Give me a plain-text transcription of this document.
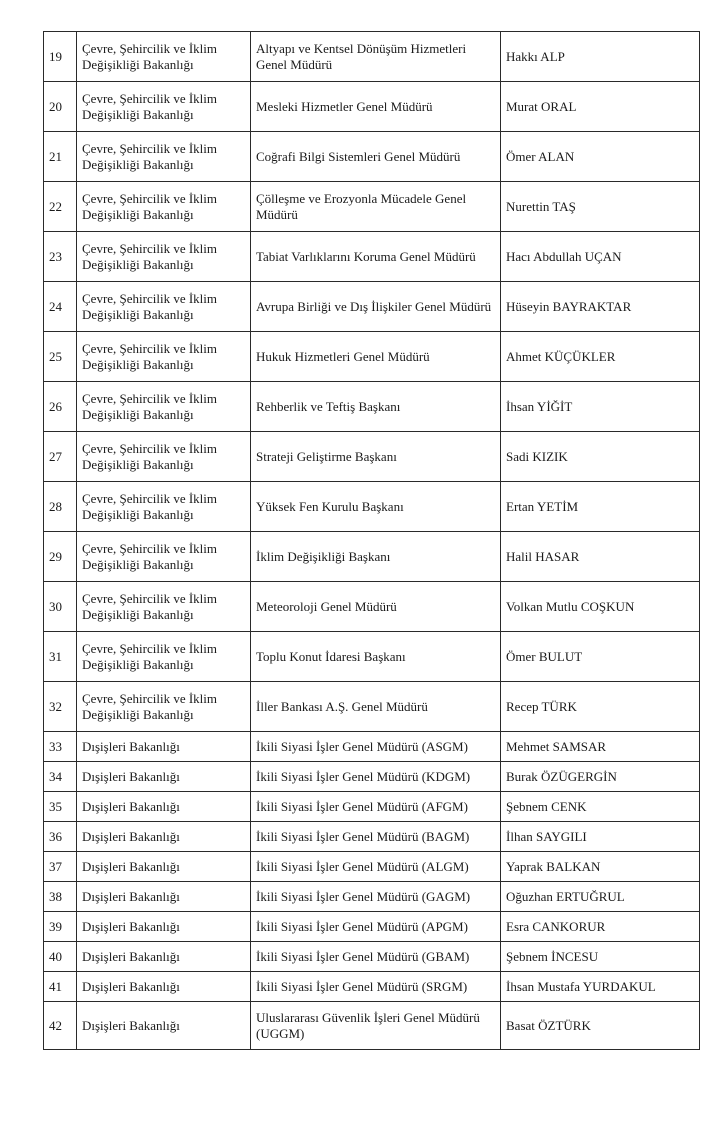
19	Çevre, Şehircilik ve İklim Değişikliği Bakanlığı	Altyapı ve Kentsel Dönüşüm Hizmetleri Genel Müdürü	Hakkı ALP
20	Çevre, Şehircilik ve İklim Değişikliği Bakanlığı	Mesleki Hizmetler Genel Müdürü	Murat ORAL
21	Çevre, Şehircilik ve İklim Değişikliği Bakanlığı	Coğrafi Bilgi Sistemleri Genel Müdürü	Ömer ALAN
22	Çevre, Şehircilik ve İklim Değişikliği Bakanlığı	Çölleşme ve Erozyonla Mücadele Genel Müdürü	Nurettin TAŞ
23	Çevre, Şehircilik ve İklim Değişikliği Bakanlığı	Tabiat Varlıklarını Koruma Genel Müdürü	Hacı Abdullah UÇAN
24	Çevre, Şehircilik ve İklim Değişikliği Bakanlığı	Avrupa Birliği ve Dış İlişkiler Genel Müdürü	Hüseyin BAYRAKTAR
25	Çevre, Şehircilik ve İklim Değişikliği Bakanlığı	Hukuk Hizmetleri Genel Müdürü	Ahmet KÜÇÜKLER
26	Çevre, Şehircilik ve İklim Değişikliği Bakanlığı	Rehberlik ve Teftiş Başkanı	İhsan YİĞİT
27	Çevre, Şehircilik ve İklim Değişikliği Bakanlığı	Strateji Geliştirme Başkanı	Sadi KIZIK
28	Çevre, Şehircilik ve İklim Değişikliği Bakanlığı	Yüksek Fen Kurulu Başkanı	Ertan YETİM
29	Çevre, Şehircilik ve İklim Değişikliği Bakanlığı	İklim Değişikliği Başkanı	Halil HASAR
30	Çevre, Şehircilik ve İklim Değişikliği Bakanlığı	Meteoroloji Genel Müdürü	Volkan Mutlu COŞKUN
31	Çevre, Şehircilik ve İklim Değişikliği Bakanlığı	Toplu Konut İdaresi Başkanı	Ömer BULUT
32	Çevre, Şehircilik ve İklim Değişikliği Bakanlığı	İller Bankası A.Ş. Genel Müdürü	Recep TÜRK
33	Dışişleri Bakanlığı	İkili Siyasi İşler Genel Müdürü (ASGM)	Mehmet SAMSAR
34	Dışişleri Bakanlığı	İkili Siyasi İşler Genel Müdürü (KDGM)	Burak ÖZÜGERGİN
35	Dışişleri Bakanlığı	İkili Siyasi İşler Genel Müdürü (AFGM)	Şebnem CENK
36	Dışişleri Bakanlığı	İkili Siyasi İşler Genel Müdürü (BAGM)	İlhan SAYGILI
37	Dışişleri Bakanlığı	İkili Siyasi İşler Genel Müdürü (ALGM)	Yaprak BALKAN
38	Dışişleri Bakanlığı	İkili Siyasi İşler Genel Müdürü (GAGM)	Oğuzhan ERTUĞRUL
39	Dışişleri Bakanlığı	İkili Siyasi İşler Genel Müdürü (APGM)	Esra CANKORUR
40	Dışişleri Bakanlığı	İkili Siyasi İşler Genel Müdürü (GBAM)	Şebnem İNCESU
41	Dışişleri Bakanlığı	İkili Siyasi İşler Genel Müdürü (SRGM)	İhsan Mustafa YURDAKUL
42	Dışişleri Bakanlığı	Uluslararası Güvenlik İşleri Genel Müdürü (UGGM)	Basat ÖZTÜRK
